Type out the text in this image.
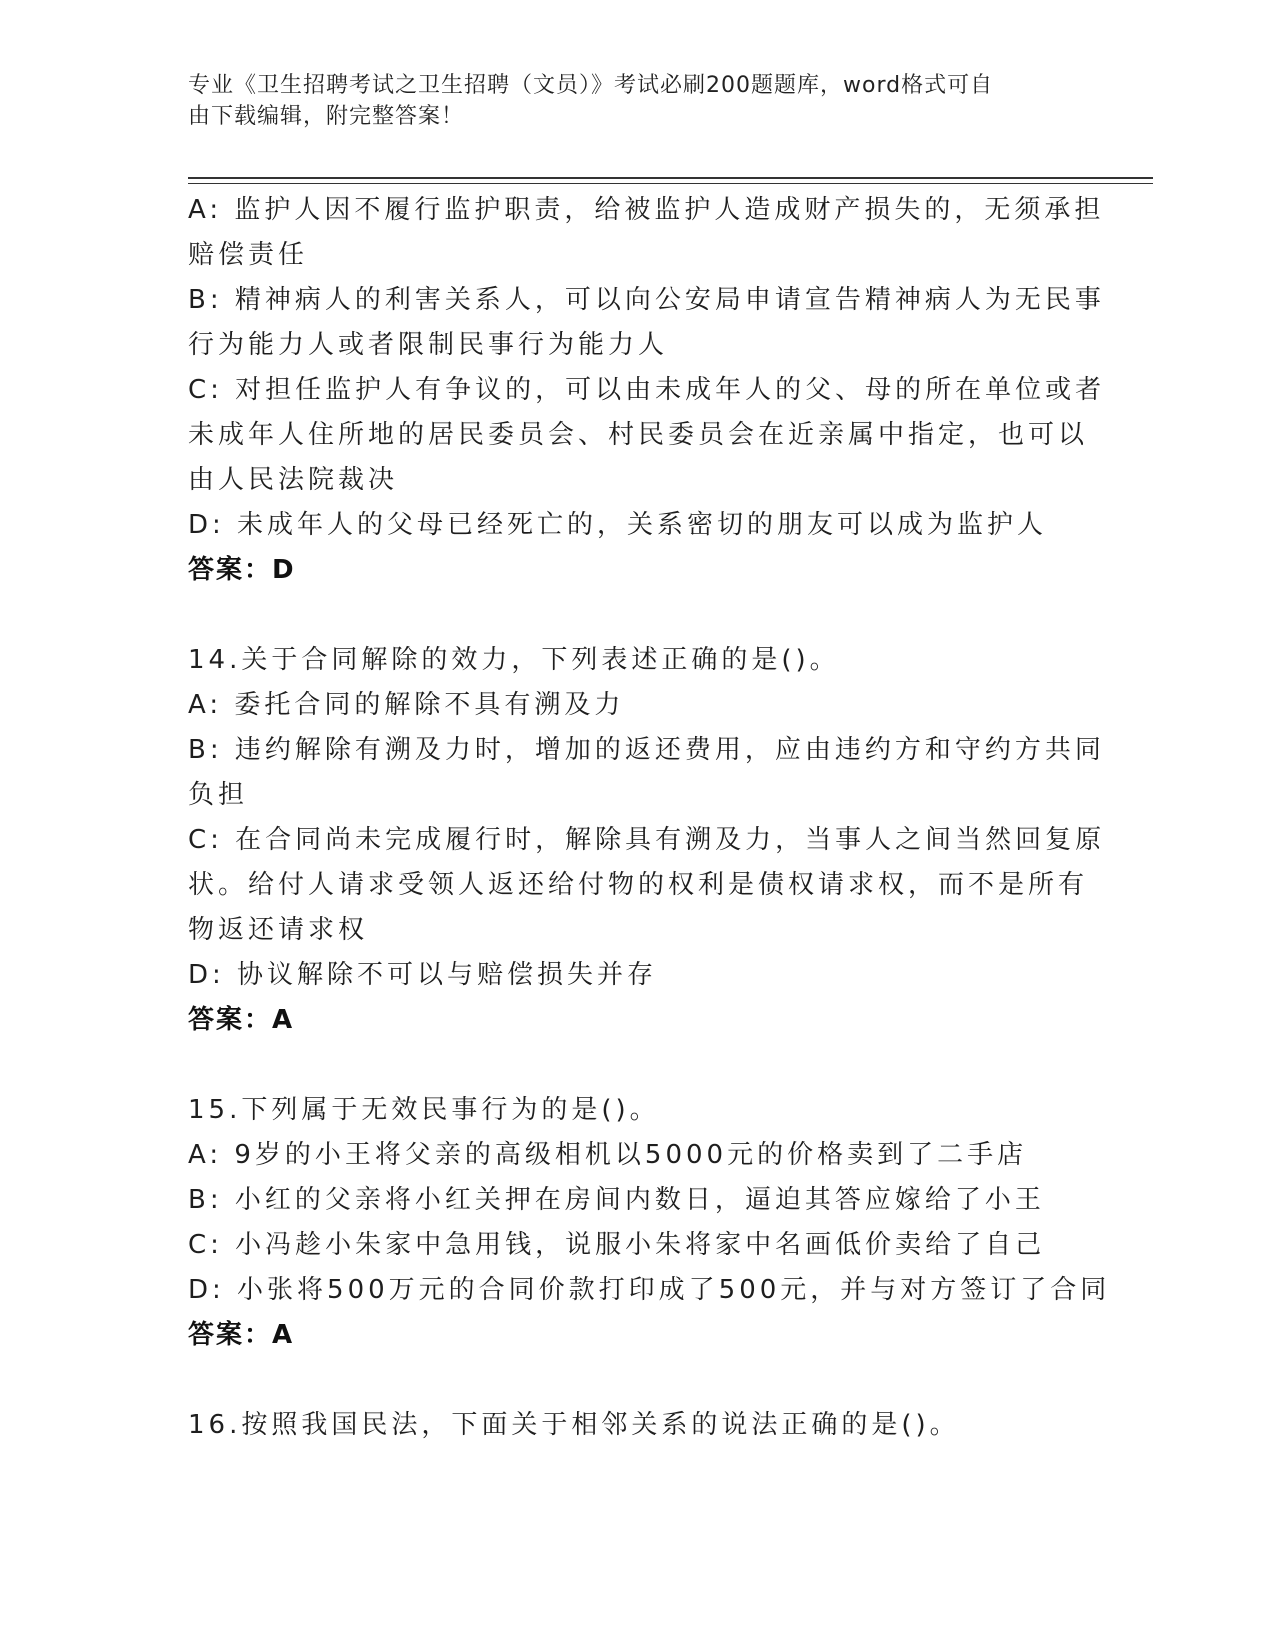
专业《卫生招聘考试之卫生招聘（文员）》考试必刷200题题库，word格式可自
由下载编辑，附完整答案！
A: 监护人因不履行监护职责，给被监护人造成财产损失的，无须承担
赔偿责任
B: 精神病人的利害关系人，可以向公安局申请宣告精神病人为无民事
行为能力人或者限制民事行为能力人
C: 对担任监护人有争议的，可以由未成年人的父、母的所在单位或者
未成年人住所地的居民委员会、村民委员会在近亲属中指定，也可以
由人民法院裁决
D: 未成年人的父母已经死亡的，关系密切的朋友可以成为监护人
答案：D
14.关于合同解除的效力，下列表述正确的是()。
A: 委托合同的解除不具有溯及力
B: 违约解除有溯及力时，增加的返还费用，应由违约方和守约方共同
负担
C: 在合同尚未完成履行时，解除具有溯及力，当事人之间当然回复原
状。给付人请求受领人返还给付物的权利是债权请求权，而不是所有
物返还请求权
D: 协议解除不可以与赔偿损失并存
答案：A
15.下列属于无效民事行为的是()。
A: 9岁的小王将父亲的高级相机以5000元的价格卖到了二手店
B: 小红的父亲将小红关押在房间内数日，逼迫其答应嫁给了小王
C: 小冯趁小朱家中急用钱，说服小朱将家中名画低价卖给了自己
D: 小张将500万元的合同价款打印成了500元，并与对方签订了合同
答案：A
16.按照我国民法，下面关于相邻关系的说法正确的是()。
